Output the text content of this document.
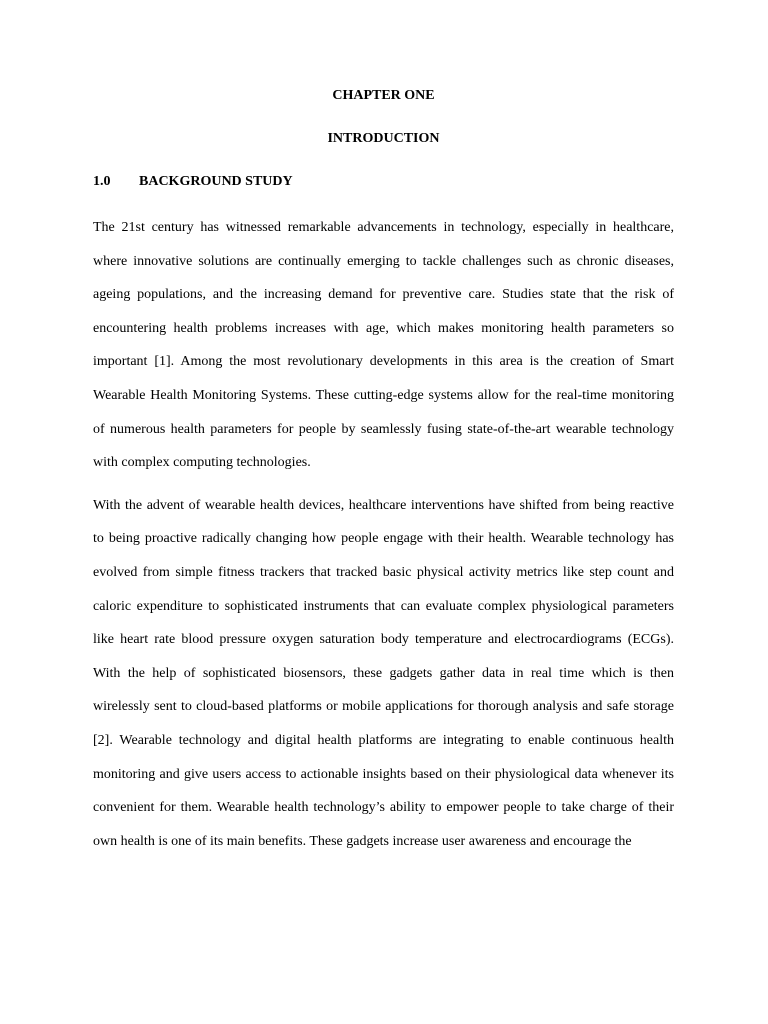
CHAPTER ONE

INTRODUCTION

1.0	BACKGROUND STUDY

The 21st century has witnessed remarkable advancements in technology, especially in healthcare, where innovative solutions are continually emerging to tackle challenges such as chronic diseases, ageing populations, and the increasing demand for preventive care. Studies state that the risk of encountering health problems increases with age, which makes monitoring health parameters so important [1]. Among the most revolutionary developments in this area is the creation of Smart Wearable Health Monitoring Systems. These cutting-edge systems allow for the real-time monitoring of numerous health parameters for people by seamlessly fusing state-of-the-art wearable technology with complex computing technologies.

With the advent of wearable health devices, healthcare interventions have shifted from being reactive to being proactive radically changing how people engage with their health. Wearable technology has evolved from simple fitness trackers that tracked basic physical activity metrics like step count and caloric expenditure to sophisticated instruments that can evaluate complex physiological parameters like heart rate blood pressure oxygen saturation body temperature and electrocardiograms (ECGs). With the help of sophisticated biosensors, these gadgets gather data in real time which is then wirelessly sent to cloud-based platforms or mobile applications for thorough analysis and safe storage [2]. Wearable technology and digital health platforms are integrating to enable continuous health monitoring and give users access to actionable insights based on their physiological data whenever its convenient for them. Wearable health technology’s ability to empower people to take charge of their own health is one of its main benefits. These gadgets increase user awareness and encourage the
